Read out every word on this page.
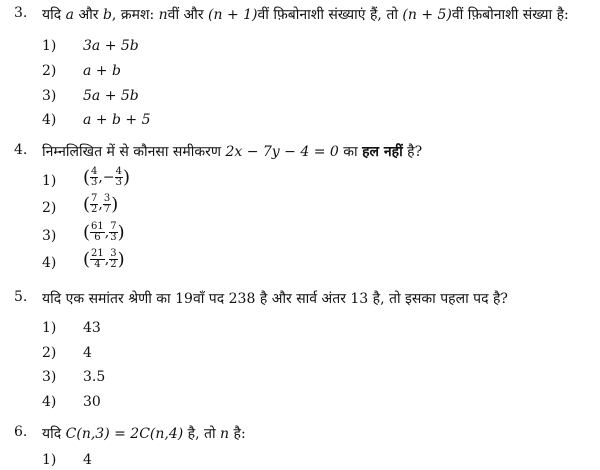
3. यदि a और b, क्रमश: nवीं और (n + 1)वीं फ़िबोनाशी संख्याएं हैं, तो (n + 5)वीं फ़िबोनाशी संख्या है:
1) 3a + 5b
2) a + b
3) 5a + 5b
4) a + b + 5
4. निम्नलिखित में से कौनसा समीकरण 2x − 7y − 4 = 0 का हल नहीं है?
1) ( $\frac{4}{3}$ ,− $\frac{4}{3}$ )
2) ( $\frac{7}{2}$ , $\frac{3}{7}$ )
3) ( $\frac{61}{6}$ , $\frac{7}{3}$ )
4) ( $\frac{21}{4}$ , $\frac{3}{2}$ )
5. यदि एक समांतर श्रेणी का 19वाँ पद 238 है और सार्व अंतर 13 है, तो इसका पहला पद है?
1) 43
2) 4
3) 3.5
4) 30
6. यदि C(n,3) = 2C(n,4) है, तो n है:
1) 4
